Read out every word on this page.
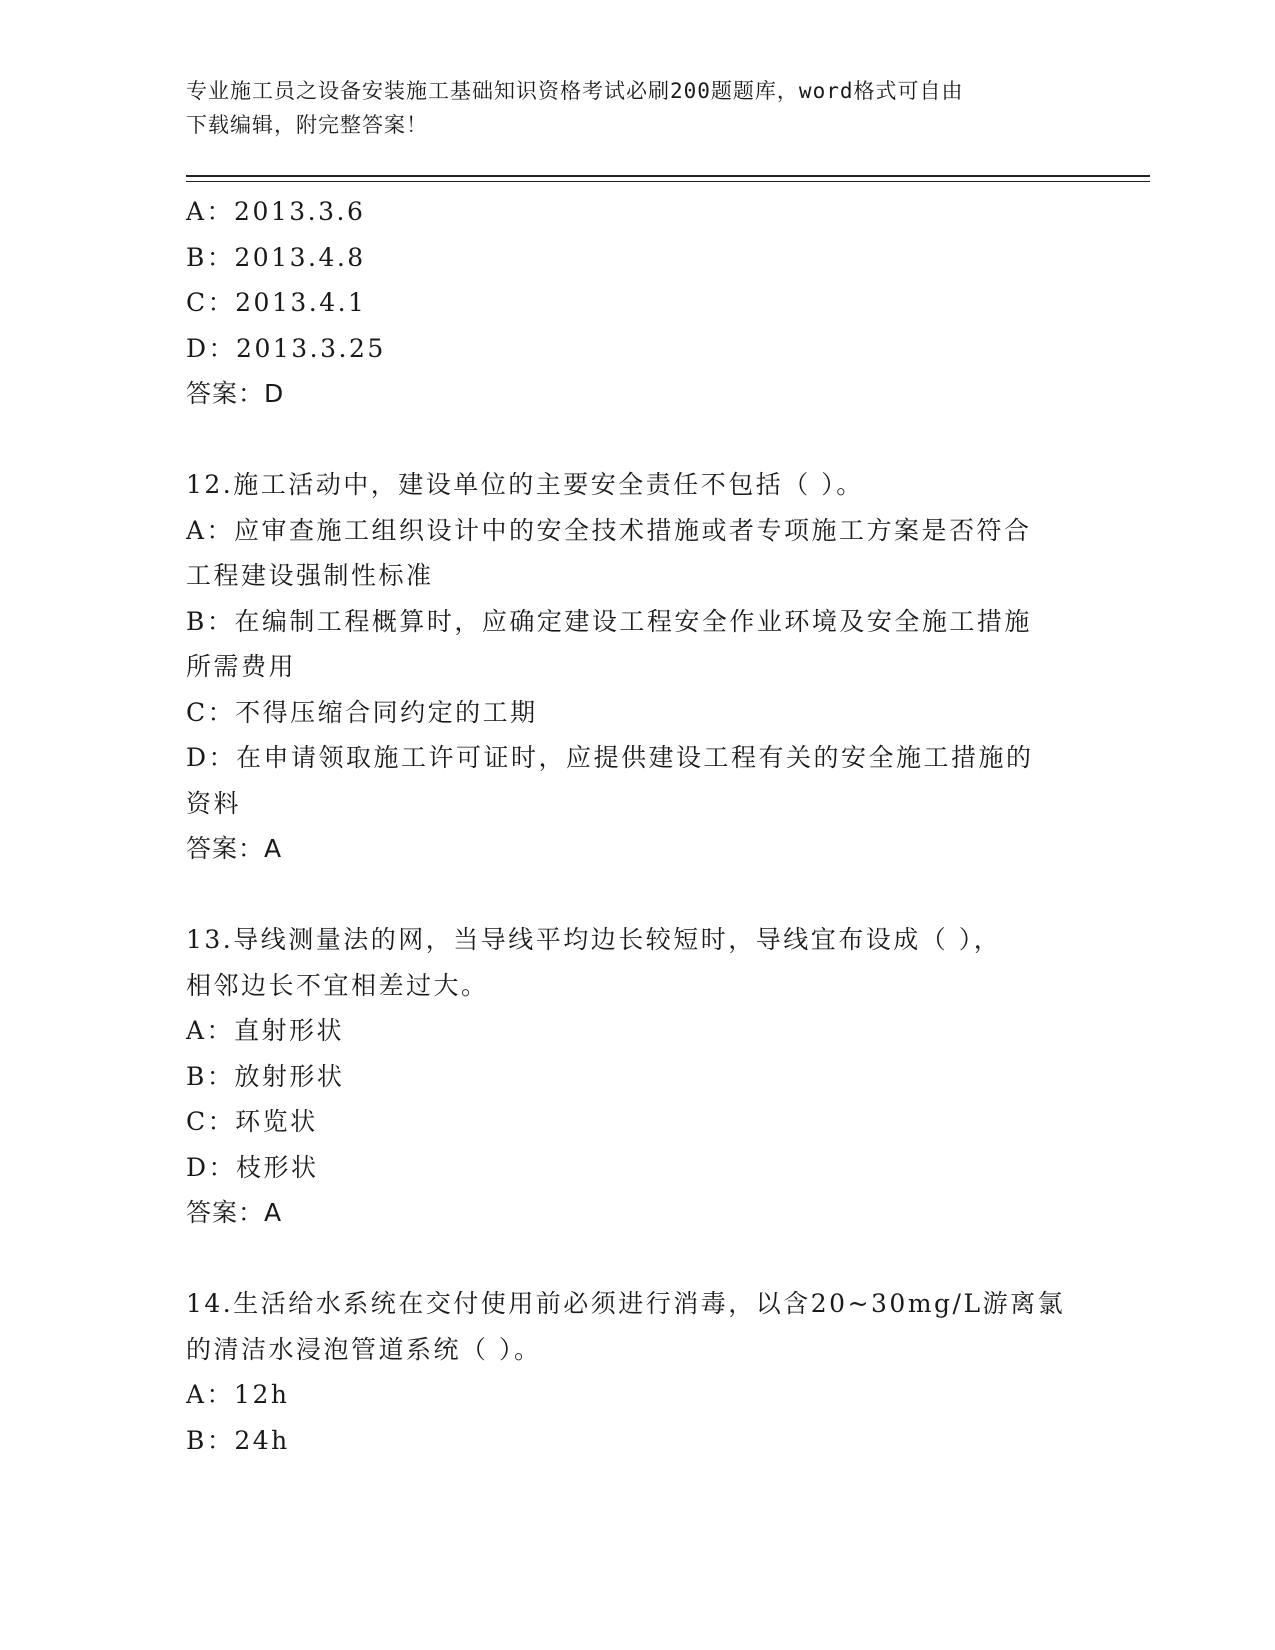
专业施工员之设备安装施工基础知识资格考试必刷200题题库，word格式可自由
下载编辑，附完整答案！
A：2013.3.6
B：2013.4.8
C：2013.4.1
D：2013.3.25
答案：D
12.施工活动中，建设单位的主要安全责任不包括（ ）。
A：应审查施工组织设计中的安全技术措施或者专项施工方案是否符合
工程建设强制性标准
B：在编制工程概算时，应确定建设工程安全作业环境及安全施工措施
所需费用
C：不得压缩合同约定的工期
D：在申请领取施工许可证时，应提供建设工程有关的安全施工措施的
资料
答案：A
13.导线测量法的网，当导线平均边长较短时，导线宜布设成（ ），
相邻边长不宜相差过大。
A：直射形状
B：放射形状
C：环览状
D：枝形状
答案：A
14.生活给水系统在交付使用前必须进行消毒，以含20~30mg/L游离氯
的清洁水浸泡管道系统（ ）。
A：12h
B：24h
